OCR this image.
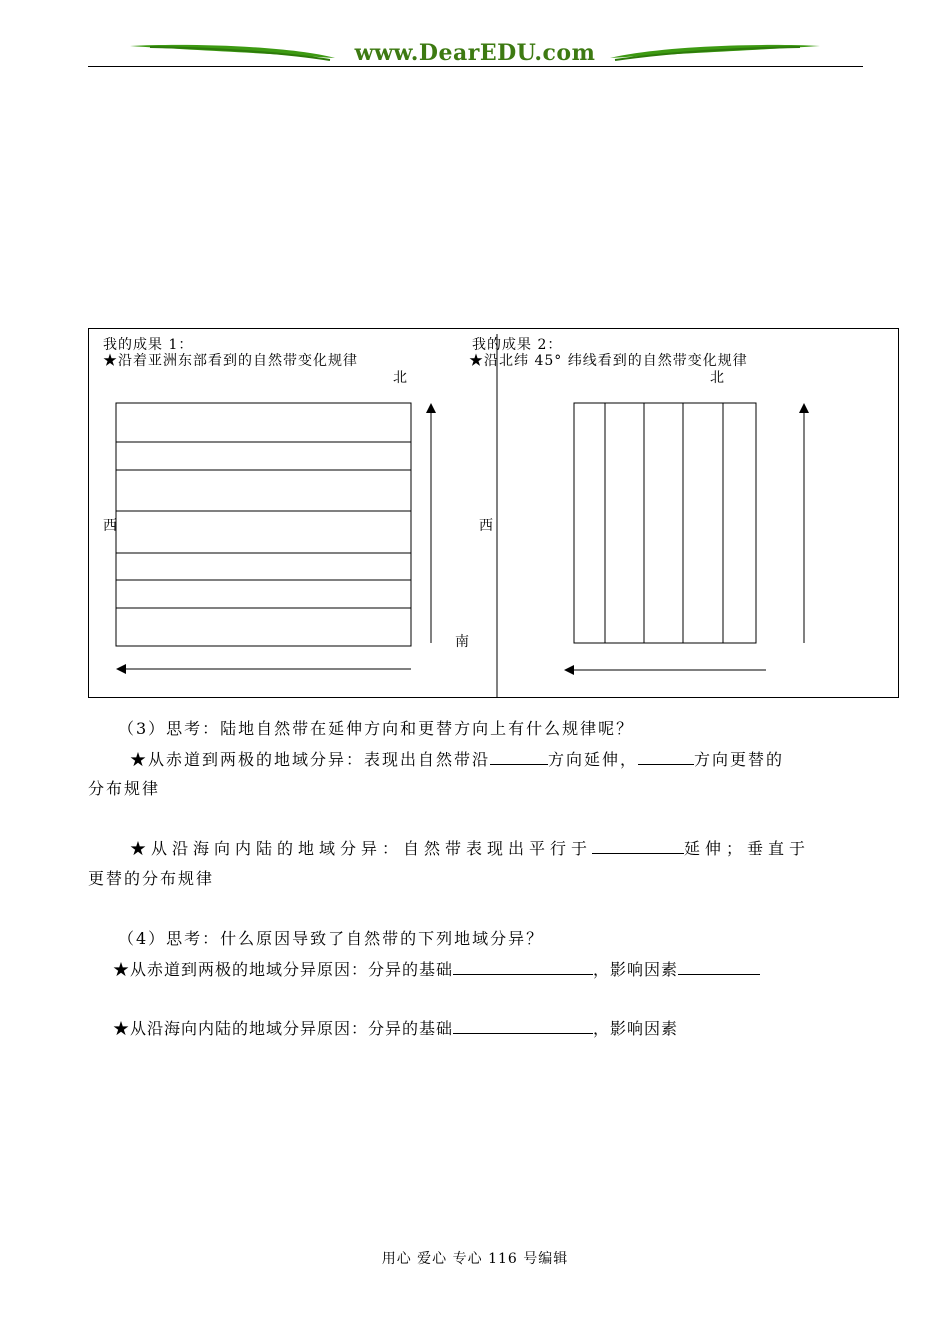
www.DearEDU.com
我的成果 1：
★沿着亚洲东部看到的自然带变化规律
北
西
我的成果 2：
★沿北纬 45° 纬线看到的自然带变化规律
北
西
南
（3）思考：陆地自然带在延伸方向和更替方向上有什么规律呢？
★从赤道到两极的地域分异：表现出自然带沿	方向延伸，	方向更替的
分布规律
★从沿海向内陆的地域分异：自然带表现出平行于	延伸；垂直于
更替的分布规律
（4）思考：什么原因导致了自然带的下列地域分异？
★从赤道到两极的地域分异原因：分异的基础	，影响因素
★从沿海向内陆的地域分异原因：分异的基础	，影响因素
用心 爱心 专心 116 号编辑
